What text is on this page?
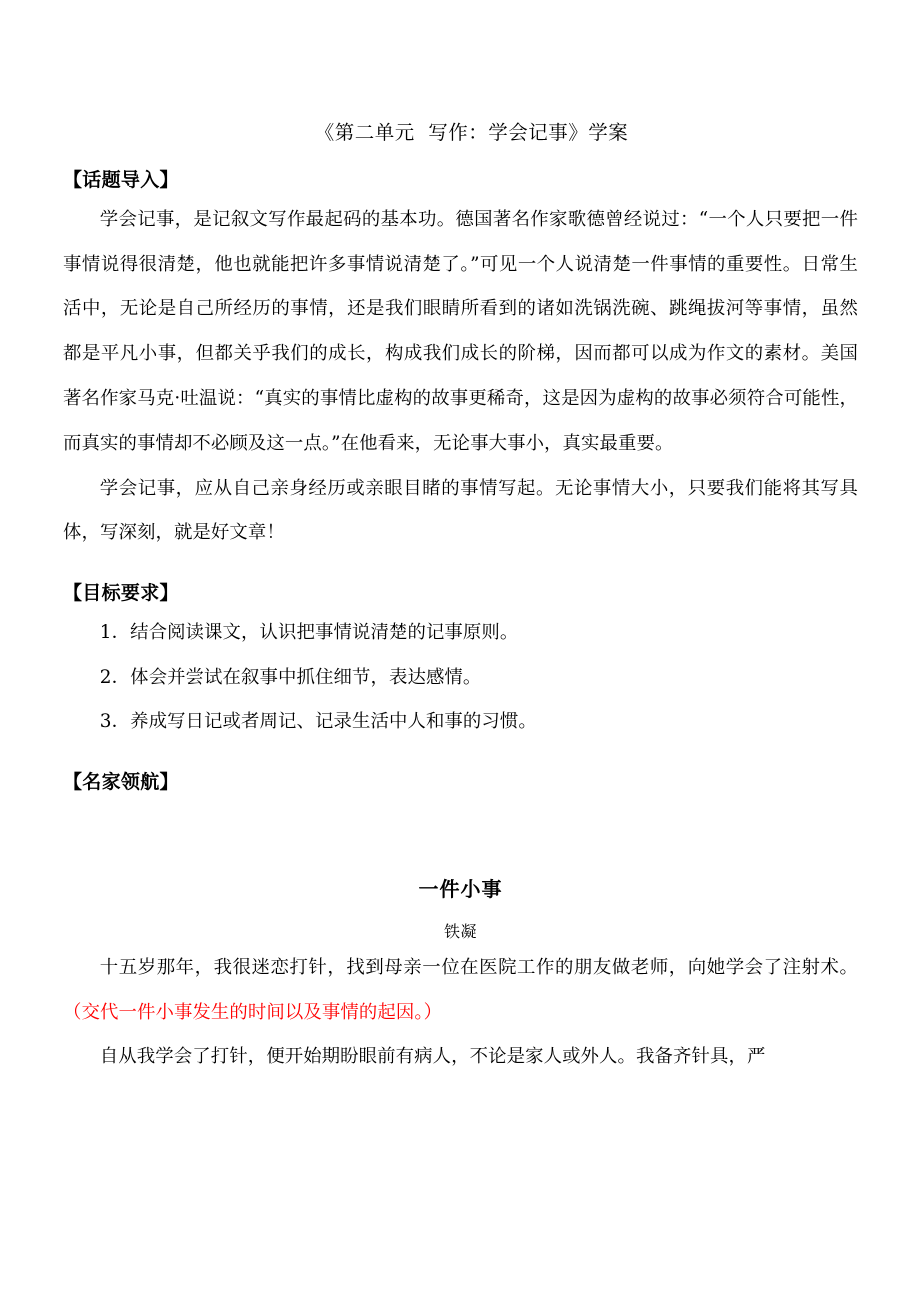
《第二单元  写作：学会记事》学案
【话题导入】

学会记事，是记叙文写作最起码的基本功。德国著名作家歌德曾经说过：“一个人只要把一件事情说得很清楚，他也就能把许多事情说清楚了。”可见一个人说清楚一件事情的重要性。日常生活中，无论是自己所经历的事情，还是我们眼睛所看到的诸如洗锅洗碗、跳绳拔河等事情，虽然都是平凡小事，但都关乎我们的成长，构成我们成长的阶梯，因而都可以成为作文的素材。美国著名作家马克·吐温说：“真实的事情比虚构的故事更稀奇，这是因为虚构的故事必须符合可能性，而真实的事情却不必顾及这一点。”在他看来，无论事大事小，真实最重要。

学会记事，应从自己亲身经历或亲眼目睹的事情写起。无论事情大小，只要我们能将其写具体，写深刻，就是好文章！

【目标要求】

1．结合阅读课文，认识把事情说清楚的记事原则。

2．体会并尝试在叙事中抓住细节，表达感情。

3．养成写日记或者周记、记录生活中人和事的习惯。

【名家领航】
一件小事
铁凝

十五岁那年，我很迷恋打针，找到母亲一位在医院工作的朋友做老师，向她学会了注射术。（交代一件小事发生的时间以及事情的起因。）

自从我学会了打针，便开始期盼眼前有病人，不论是家人或外人。我备齐针具，严
